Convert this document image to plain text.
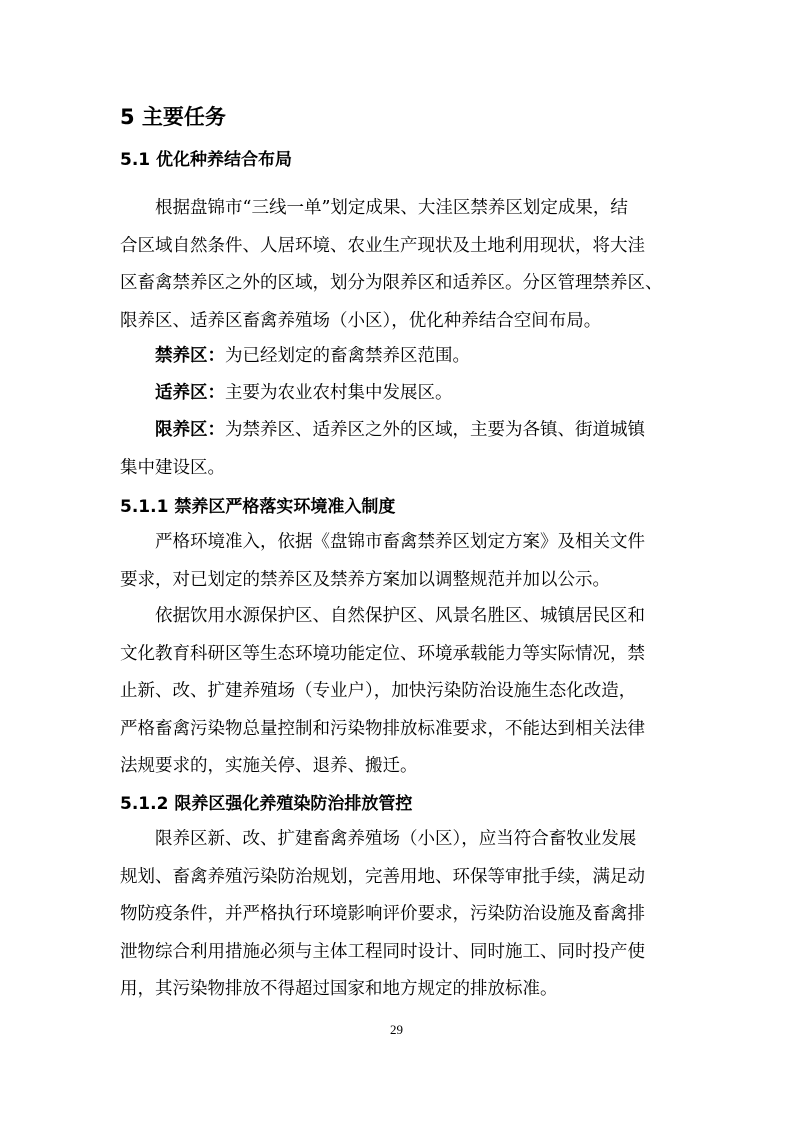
5 主要任务
5.1 优化种养结合布局
根据盘锦市“三线一单”划定成果、大洼区禁养区划定成果，结
合区域自然条件、人居环境、农业生产现状及土地利用现状，将大洼
区畜禽禁养区之外的区域，划分为限养区和适养区。分区管理禁养区、
限养区、适养区畜禽养殖场（小区），优化种养结合空间布局。
禁养区：为已经划定的畜禽禁养区范围。
适养区：主要为农业农村集中发展区。
限养区：为禁养区、适养区之外的区域，主要为各镇、街道城镇
集中建设区。
5.1.1 禁养区严格落实环境准入制度
严格环境准入，依据《盘锦市畜禽禁养区划定方案》及相关文件
要求，对已划定的禁养区及禁养方案加以调整规范并加以公示。
依据饮用水源保护区、自然保护区、风景名胜区、城镇居民区和
文化教育科研区等生态环境功能定位、环境承载能力等实际情况，禁
止新、改、扩建养殖场（专业户），加快污染防治设施生态化改造，
严格畜禽污染物总量控制和污染物排放标准要求，不能达到相关法律
法规要求的，实施关停、退养、搬迁。
5.1.2 限养区强化养殖染防治排放管控
限养区新、改、扩建畜禽养殖场（小区），应当符合畜牧业发展
规划、畜禽养殖污染防治规划，完善用地、环保等审批手续，满足动
物防疫条件，并严格执行环境影响评价要求，污染防治设施及畜禽排
泄物综合利用措施必须与主体工程同时设计、同时施工、同时投产使
用，其污染物排放不得超过国家和地方规定的排放标准。
29
